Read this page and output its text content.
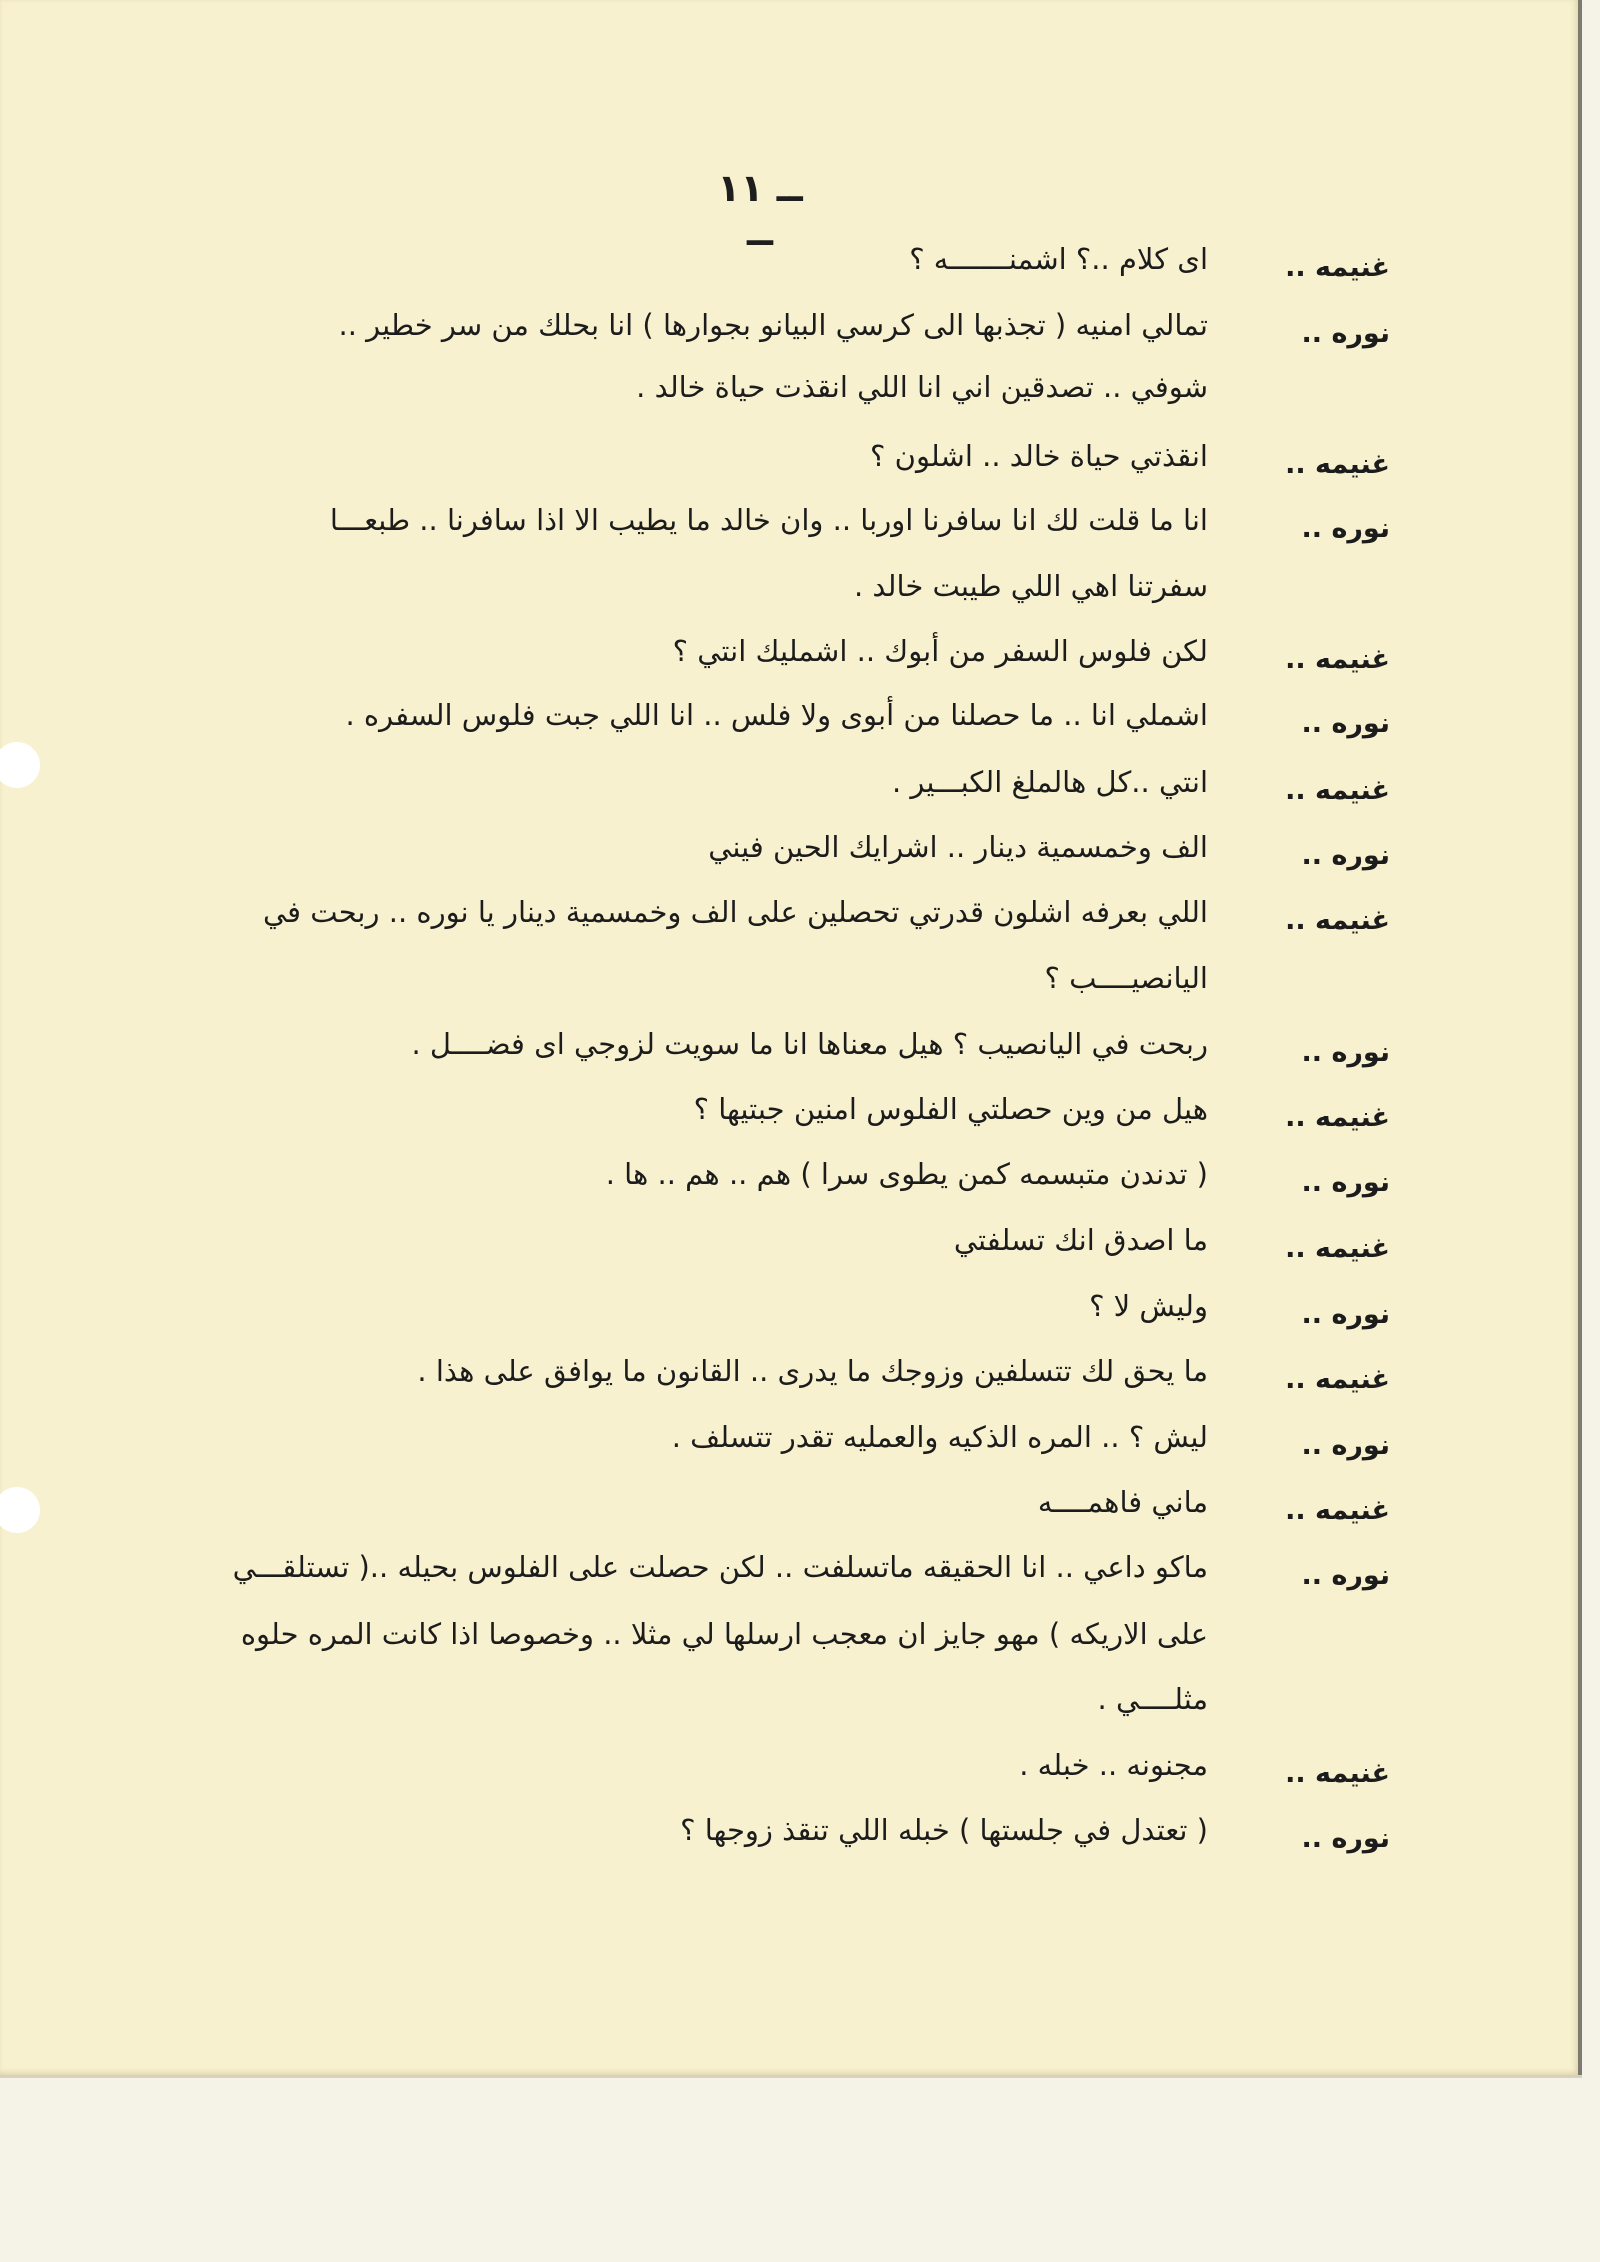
ــ ١١ ــ
غنيمه ..
اى كلام ..؟ اشمنـــــــه ؟
نوره ..
تمالي امنيه ( تجذبها الى كرسي البيانو بجوارها ) انا بحلك من سر خطير ..
شوفي .. تصدقين اني انا اللي انقذت حياة خالد .
غنيمه ..
انقذتي حياة خالد .. اشلون ؟
نوره ..
انا ما قلت لك انا سافرنا اوربا .. وان خالد ما يطيب الا اذا سافرنا .. طبعـــا
سفرتنا اهي اللي طيبت خالد .
غنيمه ..
لكن فلوس السفر من أبوك .. اشمليك انتي ؟
نوره ..
اشملي انا .. ما حصلنا من أبوى ولا فلس .. انا اللي جبت فلوس السفره .
غنيمه ..
انتي ..كل هالملغ الكبـــير .
نوره ..
الف وخمسمية دينار .. اشرايك الحين فيني
غنيمه ..
اللي بعرفه اشلون قدرتي تحصلين على الف وخمسمية دينار يا نوره .. ربحت في
اليانصيــــب ؟
نوره ..
ربحت في اليانصيب ؟ هيل معناها انا ما سويت لزوجي اى فضــــل .
غنيمه ..
هيل من وين حصلتي الفلوس امنين جبتيها ؟
نوره ..
( تدندن متبسمه كمن يطوى سرا ) هم .. هم .. ها .
غنيمه ..
ما اصدق انك تسلفتي
نوره ..
وليش لا ؟
غنيمه ..
ما يحق لك تتسلفين وزوجك ما يدرى .. القانون ما يوافق على هذا .
نوره ..
ليش ؟ .. المره الذكيه والعمليه تقدر تتسلف .
غنيمه ..
ماني فاهمــــه
نوره ..
ماكو داعي .. انا الحقيقه ماتسلفت .. لكن حصلت على الفلوس بحيله ..( تستلقـــي
على الاريكه ) مهو جايز ان معجب ارسلها لي مثلا .. وخصوصا اذا كانت المره حلوه
مثلــــي .
غنيمه ..
مجنونه .. خبله .
نوره ..
( تعتدل في جلستها ) خبله اللي تنقذ زوجها ؟
